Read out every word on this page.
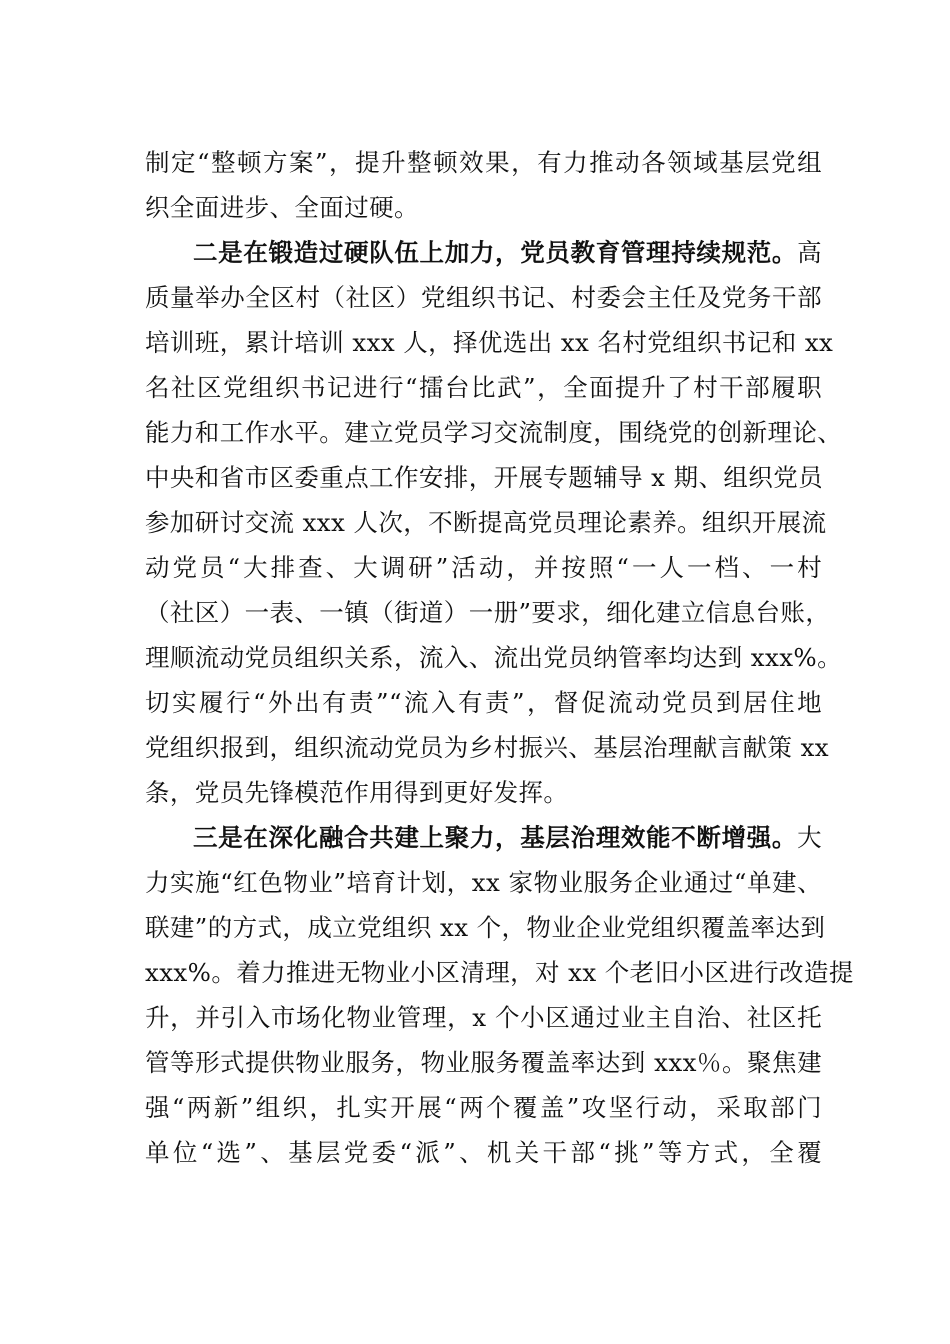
制定“整顿方案”，提升整顿效果，有力推动各领域基层党组
织全面进步、全面过硬。
二是在锻造过硬队伍上加力，党员教育管理持续规范。高
质量举办全区村（社区）党组织书记、村委会主任及党务干部
培训班，累计培训 xxx 人，择优选出 xx 名村党组织书记和 xx
名社区党组织书记进行“擂台比武”，全面提升了村干部履职
能力和工作水平。建立党员学习交流制度，围绕党的创新理论、
中央和省市区委重点工作安排，开展专题辅导 x 期、组织党员
参加研讨交流 xxx 人次，不断提高党员理论素养。组织开展流
动党员“大排查、大调研”活动，并按照“一人一档、一村
（社区）一表、一镇（街道）一册”要求，细化建立信息台账，
理顺流动党员组织关系，流入、流出党员纳管率均达到 xxx%。
切实履行“外出有责”“流入有责”，督促流动党员到居住地
党组织报到，组织流动党员为乡村振兴、基层治理献言献策 xx
条，党员先锋模范作用得到更好发挥。
三是在深化融合共建上聚力，基层治理效能不断增强。大
力实施“红色物业”培育计划，xx 家物业服务企业通过“单建、
联建”的方式，成立党组织 xx 个，物业企业党组织覆盖率达到
xxx%。着力推进无物业小区清理，对 xx 个老旧小区进行改造提
升，并引入市场化物业管理，x 个小区通过业主自治、社区托
管等形式提供物业服务，物业服务覆盖率达到 xxx％。聚焦建
强“两新”组织，扎实开展“两个覆盖”攻坚行动，采取部门
单位“选”、基层党委“派”、机关干部“挑”等方式，全覆
